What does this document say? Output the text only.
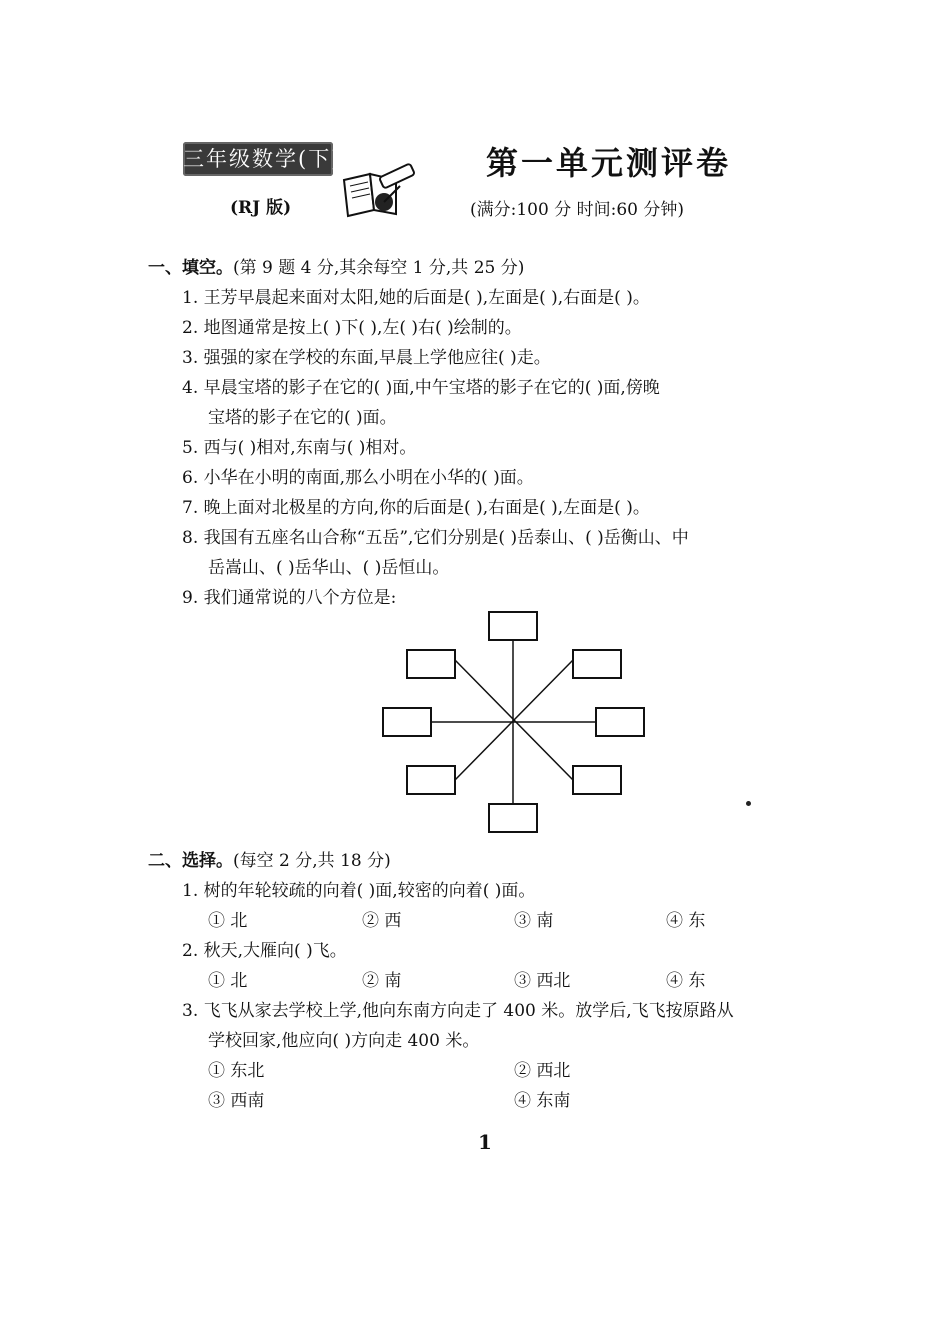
三年级数学(下)	第一单元测评卷
(RJ 版)	(满分:100 分 时间:60 分钟)
一、填空。(第 9 题 4 分,其余每空 1 分,共 25 分)
1. 王芳早晨起来面对太阳,她的后面是( ),左面是( ),右面是( )。
2. 地图通常是按上( )下( ),左( )右( )绘制的。
3. 强强的家在学校的东面,早晨上学他应往( )走。
4. 早晨宝塔的影子在它的( )面,中午宝塔的影子在它的( )面,傍晚
宝塔的影子在它的( )面。
5. 西与( )相对,东南与( )相对。
6. 小华在小明的南面,那么小明在小华的( )面。
7. 晚上面对北极星的方向,你的后面是( ),右面是( ),左面是( )。
8. 我国有五座名山合称“五岳”,它们分别是( )岳泰山、( )岳衡山、中
岳嵩山、( )岳华山、( )岳恒山。
9. 我们通常说的八个方位是:
二、选择。(每空 2 分,共 18 分)
1. 树的年轮较疏的向着( )面,较密的向着( )面。
① 北	② 西	③ 南	④ 东
2. 秋天,大雁向( )飞。
① 北	② 南	③ 西北	④ 东
3. 飞飞从家去学校上学,他向东南方向走了 400 米。放学后,飞飞按原路从
学校回家,他应向( )方向走 400 米。
① 东北	② 西北
③ 西南	④ 东南
1
